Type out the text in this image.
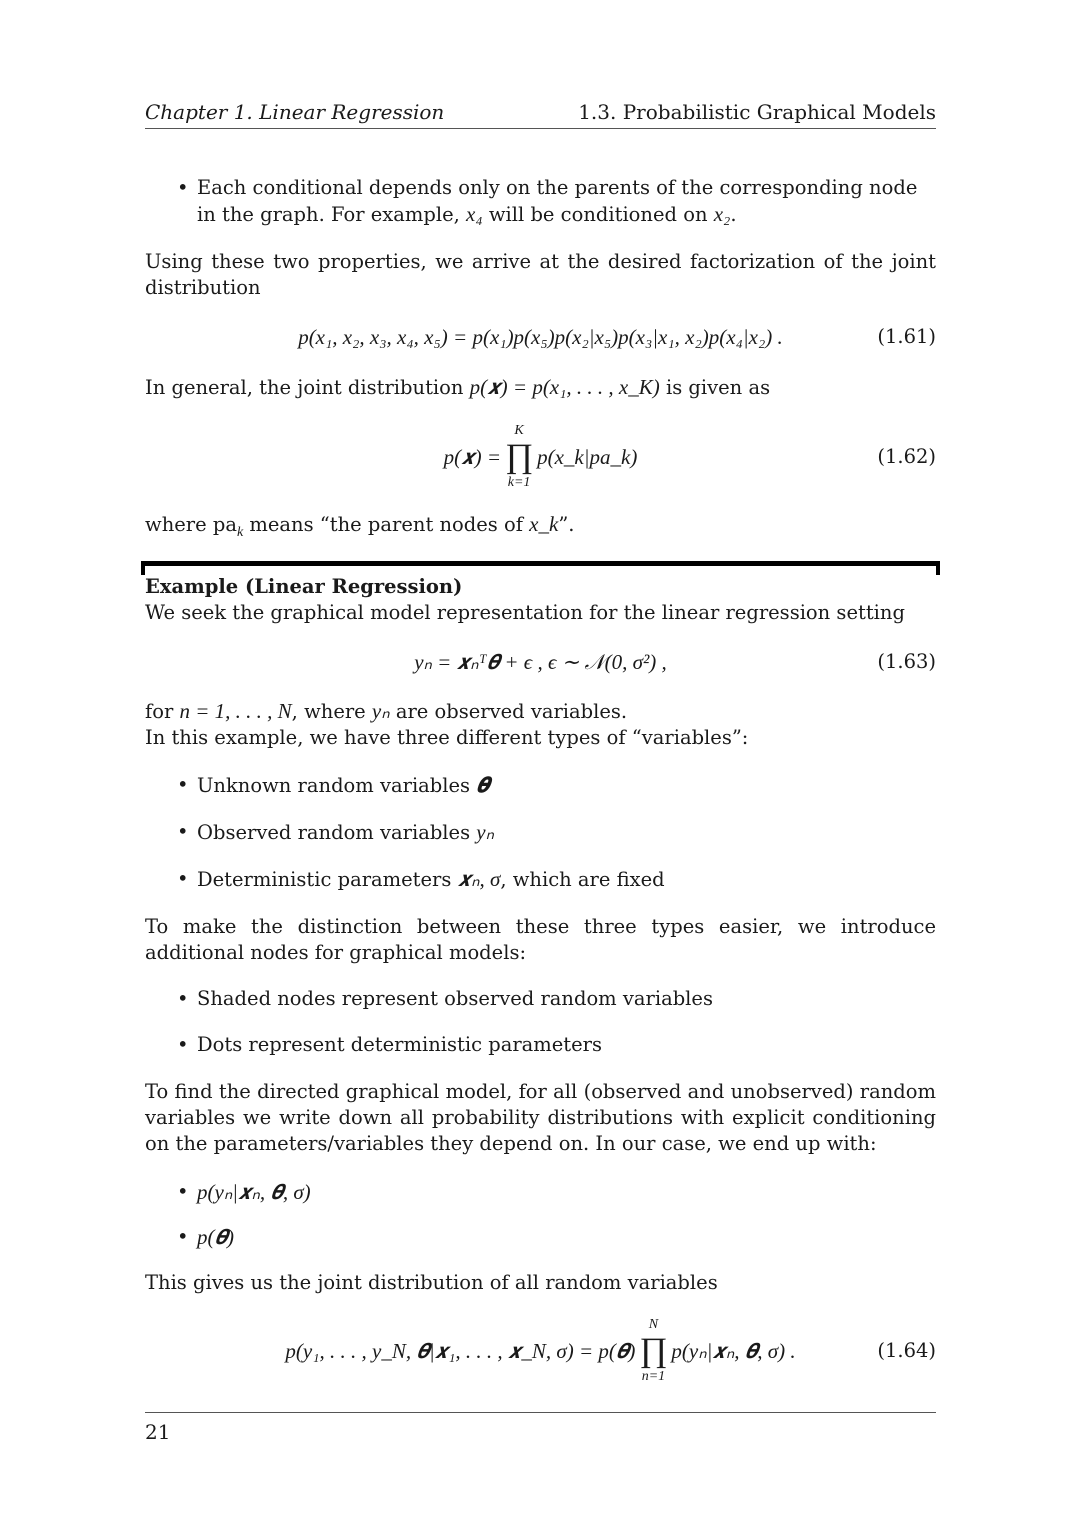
Chapter 1. Linear Regression	1.3. Probabilistic Graphical Models
• Each conditional depends only on the parents of the corresponding node in the graph. For example, x₄ will be conditioned on x₂.
Using these two properties, we arrive at the desired factorization of the joint distribution
p(x₁, x₂, x₃, x₄, x₅) = p(x₁)p(x₅)p(x₂|x₅)p(x₃|x₁, x₂)p(x₄|x₂) .	(1.61)
In general, the joint distribution p(𝒙) = p(x₁, . . . , x_K) is given as
p(𝒙) =
K
∏
k=1
p(x_k|pa_k)	(1.62)
where $pa_k$ means “the parent nodes of x_k”.
Example (Linear Regression)
We seek the graphical model representation for the linear regression setting
yₙ = 𝒙ₙᵀ𝜽 + ϵ , ϵ ∼ 𝒩(0, σ²) ,	(1.63)
for n = 1, . . . , N, where yₙ are observed variables.
In this example, we have three different types of “variables”:
• Unknown random variables 𝜽
• Observed random variables yₙ
• Deterministic parameters 𝒙ₙ, σ, which are fixed
To make the distinction between these three types easier, we introduce additional nodes for graphical models:
• Shaded nodes represent observed random variables
• Dots represent deterministic parameters
To find the directed graphical model, for all (observed and unobserved) random variables we write down all probability distributions with explicit conditioning on the parameters/variables they depend on. In our case, we end up with:
• p(yₙ|𝒙ₙ, 𝜽, σ)
• p(𝜽)
This gives us the joint distribution of all random variables
p(y₁, . . . , y_N, 𝜽|𝒙₁, . . . , 𝒙_N, σ) = p(𝜽)
N
∏
n=1
p(yₙ|𝒙ₙ, 𝜽, σ) .	(1.64)
21
